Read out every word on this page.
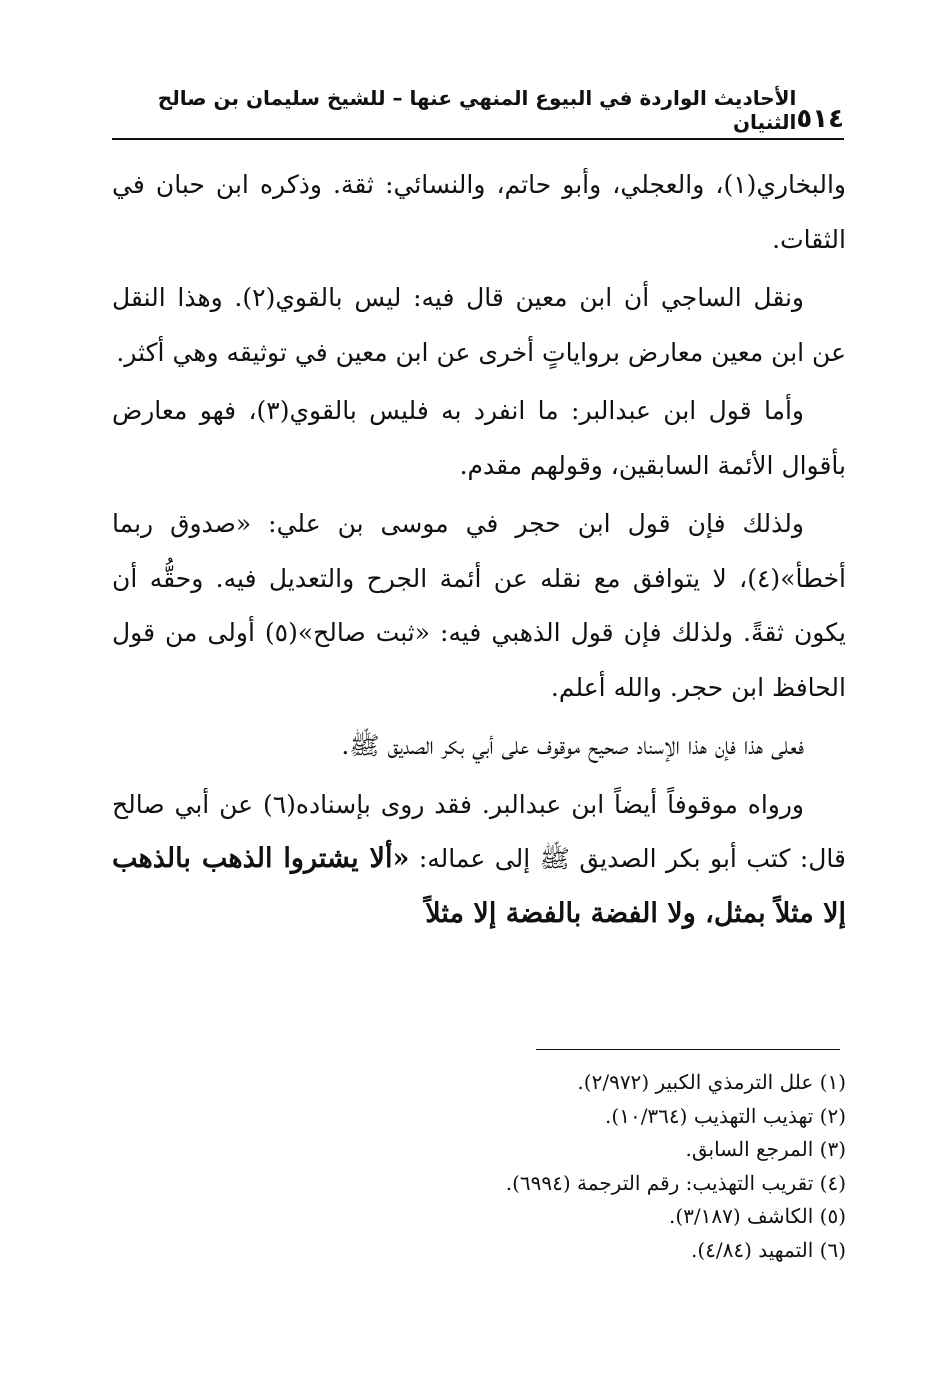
٥١٤
الأحاديث الواردة في البيوع المنهي عنها – للشيخ سليمان بن صالح الثنيان

والبخاري(١)، والعجلي، وأبو حاتم، والنسائي: ثقة. وذكره ابن حبان في الثقات.

ونقل الساجي أن ابن معين قال فيه: ليس بالقوي(٢). وهذا النقل عن ابن معين معارض برواياتٍ أخرى عن ابن معين في توثيقه وهي أكثر.

وأما قول ابن عبدالبر: ما انفرد به فليس بالقوي(٣)، فهو معارض بأقوال الأئمة السابقين، وقولهم مقدم.

ولذلك فإن قول ابن حجر في موسى بن علي: «صدوق ربما أخطأ»(٤)، لا يتوافق مع نقله عن أئمة الجرح والتعديل فيه. وحقُّه أن يكون ثقةً. ولذلك فإن قول الذهبي فيه: «ثبت صالح»(٥) أولى من قول الحافظ ابن حجر. والله أعلم.

فعلى هذا فإن هذا الإسناد صحيح موقوف على أبي بكر الصديق ﷺ.

ورواه موقوفاً أيضاً ابن عبدالبر. فقد روى بإسناده(٦) عن أبي صالح قال: كتب أبو بكر الصديق ﷺ إلى عماله: «ألا يشتروا الذهب بالذهب إلا مثلاً بمثل، ولا الفضة بالفضة إلا مثلاً

(١) علل الترمذي الكبير (٢/٩٧٢).
(٢) تهذيب التهذيب (١٠/٣٦٤).
(٣) المرجع السابق.
(٤) تقريب التهذيب: رقم الترجمة (٦٩٩٤).
(٥) الكاشف (٣/١٨٧).
(٦) التمهيد (٤/٨٤).
